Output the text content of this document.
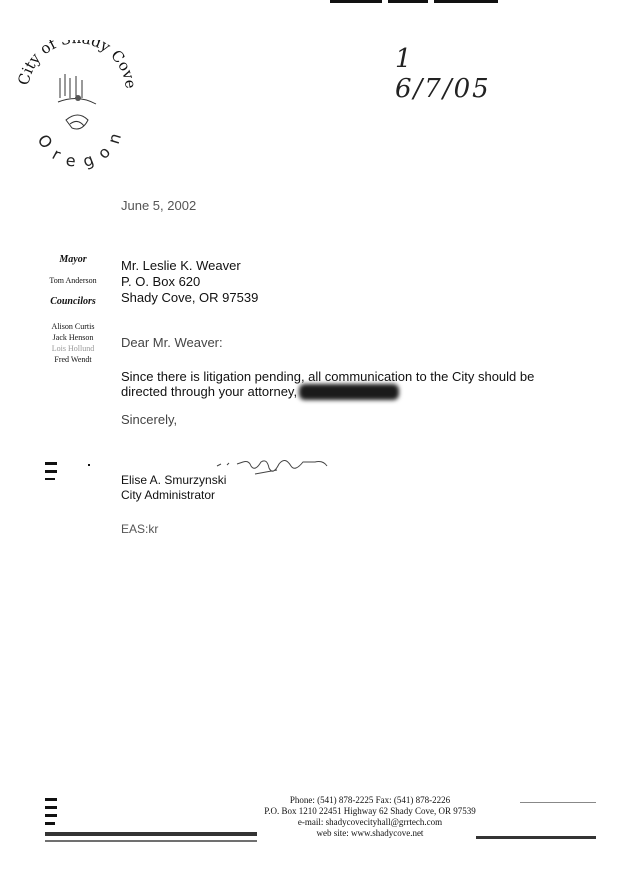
ity of dy Cov
Oregon
1 6/7/05
June 5, 2002

Mayor

Tom Anderson

Councilors

Alison Curtis

Jack Henson

Lois Hollund

Fred Wendt

Mr. Leslie K. Weaver
P. O. Box 620
Shady Cove, OR 97539
Dear Mr. Weaver:
Since there is litigation pending, all communication to the City should be directed through your attorney,
Sincerely,
Elise A. Smurzynski
City Administrator
EAS:kr
Phone: (541) 878-2225 Fax: (541) 878-2226
P.O. Box 1210 22451 Highway 62 Shady Cove, OR 97539
e-mail: shadycovecityhall@grrtech.com
web site: www.shadycove.net
